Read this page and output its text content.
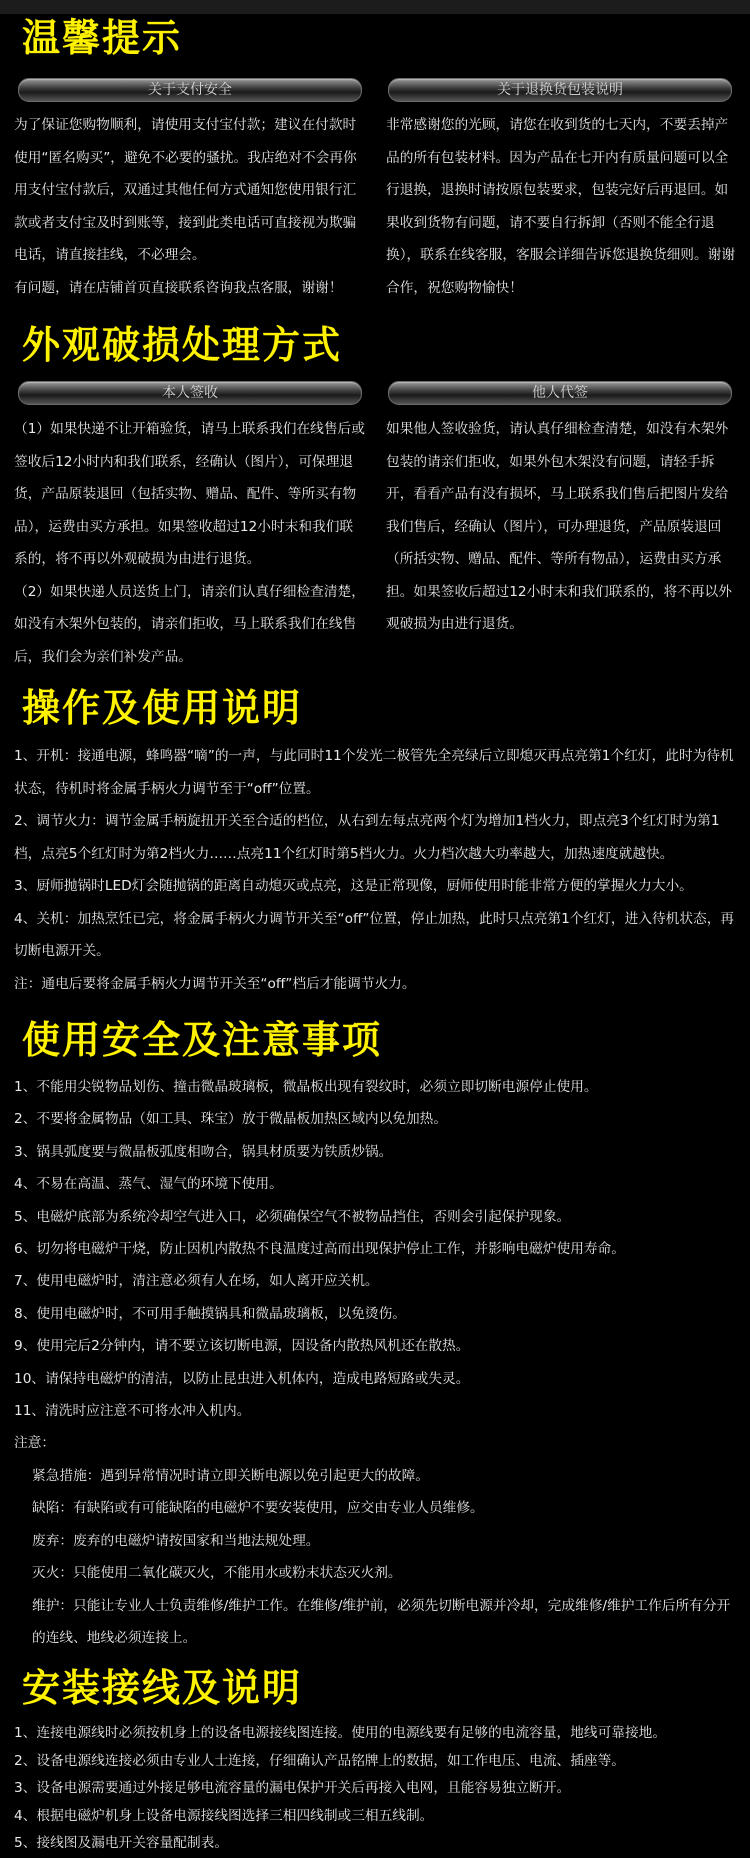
温馨提示
关于支付安全	关于退换货包装说明

为了保证您购物顺利，请使用支付宝付款；建议在付款时使用“匿名购买”，避免不必要的骚扰。我店绝对不会再你用支付宝付款后，双通过其他任何方式通知您使用银行汇款或者支付宝及时到账等，接到此类电话可直接视为欺骗电话，请直接挂线，不必理会。

有问题，请在店铺首页直接联系咨询我点客服，谢谢！

非常感谢您的光顾，请您在收到货的七天内，不要丢掉产品的所有包装材料。因为产品在七开内有质量问题可以全行退换，退换时请按原包装要求，包装完好后再退回。如果收到货物有问题，请不要自行拆卸（否则不能全行退换），联系在线客服，客服会详细告诉您退换货细则。谢谢合作，祝您购物愉快！

外观破损处理方式
本人签收	他人代签

（1）如果快递不让开箱验货，请马上联系我们在线售后或签收后12小时内和我们联系，经确认（图片），可保理退货，产品原装退回（包括实物、赠品、配件、等所买有物品），运费由买方承担。如果签收超过12小时末和我们联系的，将不再以外观破损为由进行退货。

（2）如果快递人员送货上门，请亲们认真仔细检查清楚，如没有木架外包装的，请亲们拒收，马上联系我们在线售后，我们会为亲们补发产品。

如果他人签收验货，请认真仔细检查清楚，如没有木架外包装的请亲们拒收，如果外包木架没有问题，请轻手拆开，看看产品有没有损坏，马上联系我们售后把图片发给我们售后，经确认（图片），可办理退货，产品原装退回（所括实物、赠品、配件、等所有物品），运费由买方承担。如果签收后超过12小时末和我们联系的，将不再以外观破损为由进行退货。

操作及使用说明

1、开机：接通电源，蜂鸣器“嘀”的一声，与此同时11个发光二极管先全亮绿后立即熄灭再点亮第1个红灯，此时为待机状态，待机时将金属手柄火力调节至于“off”位置。

2、调节火力：调节金属手柄旋扭开关至合适的档位，从右到左每点亮两个灯为增加1档火力，即点亮3个红灯时为第1档，点亮5个红灯时为第2档火力……点亮11个红灯时第5档火力。火力档次越大功率越大，加热速度就越快。

3、厨师抛锅时LED灯会随抛锅的距离自动熄灭或点亮，这是正常现像，厨师使用时能非常方便的掌握火力大小。

4、关机：加热烹饪已完，将金属手柄火力调节开关至“off”位置，停止加热，此时只点亮第1个红灯，进入待机状态，再切断电源开关。

注：通电后要将金属手柄火力调节开关至“off”档后才能调节火力。

使用安全及注意事项

1、不能用尖锐物品划伤、撞击微晶玻璃板，微晶板出现有裂纹时，必须立即切断电源停止使用。

2、不要将金属物品（如工具、珠宝）放于微晶板加热区域内以免加热。

3、锅具弧度要与微晶板弧度相吻合，锅具材质要为铁质炒锅。

4、不易在高温、蒸气、湿气的环境下使用。

5、电磁炉底部为系统冷却空气进入口，必须确保空气不被物品挡住，否则会引起保护现象。

6、切勿将电磁炉干烧，防止因机内散热不良温度过高而出现保护停止工作，并影响电磁炉使用寿命。

7、使用电磁炉时，清注意必须有人在场，如人离开应关机。

8、使用电磁炉时，不可用手触摸锅具和微晶玻璃板，以免烫伤。

9、使用完后2分钟内，请不要立该切断电源，因设备内散热风机还在散热。

10、请保持电磁炉的清洁，以防止昆虫进入机体内，造成电路短路或失灵。

11、清洗时应注意不可将水冲入机内。

注意：

紧急措施：遇到异常情况时请立即关断电源以免引起更大的故障。

缺陷：有缺陷或有可能缺陷的电磁炉不要安装使用，应交由专业人员维修。

废弃：废弃的电磁炉请按国家和当地法规处理。

灭火：只能使用二氧化碳灭火，不能用水或粉末状态灭火剂。

维护：只能让专业人士负责维修/维护工作。在维修/维护前，必须先切断电源并冷却，完成维修/维护工作后所有分开的连线、地线必须连接上。

安装接线及说明

1、连接电源线时必须按机身上的设备电源接线图连接。使用的电源线要有足够的电流容量，地线可靠接地。

2、设备电源线连接必须由专业人士连接，仔细确认产品铭牌上的数据，如工作电压、电流、插座等。

3、设备电源需要通过外接足够电流容量的漏电保护开关后再接入电网，且能容易独立断开。

4、根据电磁炉机身上设备电源接线图选择三相四线制或三相五线制。

5、接线图及漏电开关容量配制表。
